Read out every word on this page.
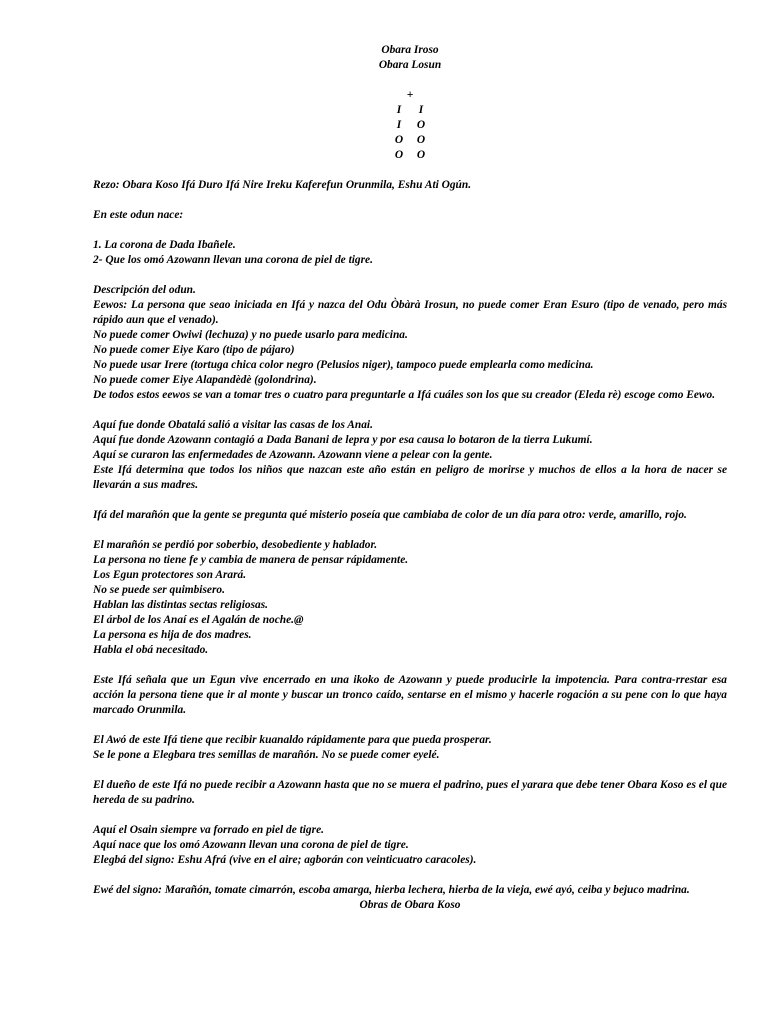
Obara Iroso
Obara Losun
+
I I
I O
O O
O O

Rezo: Obara Koso Ifá Duro Ifá Nire Ireku Kaferefun Orunmila, Eshu Ati Ogún.

En este odun nace:

1. La corona de Dada Ibañele.
2- Que los omó Azowann llevan una corona de piel de tigre.
Descripción del odun.

Eewos: La persona que seao iniciada en Ifá y nazca del Odu Òbàrà Irosun, no puede comer Eran Esuro (tipo de venado, pero más rápido aun que el venado).

No puede comer Owiwi (lechuza) y no puede usarlo para medicina.
No puede comer Eiye Karo (tipo de pájaro)
No puede usar Irere (tortuga chica color negro (Pelusios niger), tampoco puede emplearla como medicina.
No puede comer Eiye Alapandèdè (golondrina).

De todos estos eewos se van a tomar tres o cuatro para preguntarle a Ifá cuáles son los que su creador (Eleda rè) escoge como Eewo.

Aquí fue donde Obatalá salió a visitar las casas de los Anai.

Aquí fue donde Azowann contagió a Dada Banani de lepra y por esa causa lo botaron de la tierra Lukumí.

Aquí se curaron las enfermedades de Azowann. Azowann viene a pelear con la gente.

Este Ifá determina que todos los niños que nazcan este año están en peligro de morirse y muchos de ellos a la hora de nacer se llevarán a sus madres.

Ifá del marañón que la gente se pregunta qué misterio poseía que cambiaba de color de un día para otro: verde, amarillo, rojo.

El marañón se perdió por soberbio, desobediente y hablador.
La persona no tiene fe y cambia de manera de pensar rápidamente.
Los Egun protectores son Arará.
No se puede ser quimbisero.
Hablan las distintas sectas religiosas.
El árbol de los Anaí es el Agalán de noche.@
La persona es hija de dos madres.
Habla el obá necesitado.

Este Ifá señala que un Egun vive encerrado en una ikoko de Azowann y puede producirle la impotencia. Para contra-rrestar esa acción la persona tiene que ir al monte y buscar un tronco caído, sentarse en el mismo y hacerle rogación a su pene con lo que haya marcado Orunmila.

El Awó de este Ifá tiene que recibir kuanaldo rápidamente para que pueda prosperar.
Se le pone a Elegbara tres semillas de marañón. No se puede comer eyelé.

El dueño de este Ifá no puede recibir a Azowann hasta que no se muera el padrino, pues el yarara que debe tener Obara Koso es el que hereda de su padrino.

Aquí el Osain siempre va forrado en piel de tigre.
Aquí nace que los omó Azowann llevan una corona de piel de tigre.
Elegbá del signo: Eshu Afrá (vive en el aire; agborán con veinticuatro caracoles).

Ewé del signo: Marañón, tomate cimarrón, escoba amarga, hierba lechera, hierba de la vieja, ewé ayó, ceiba y bejuco madrina.

Obras de Obara Koso
